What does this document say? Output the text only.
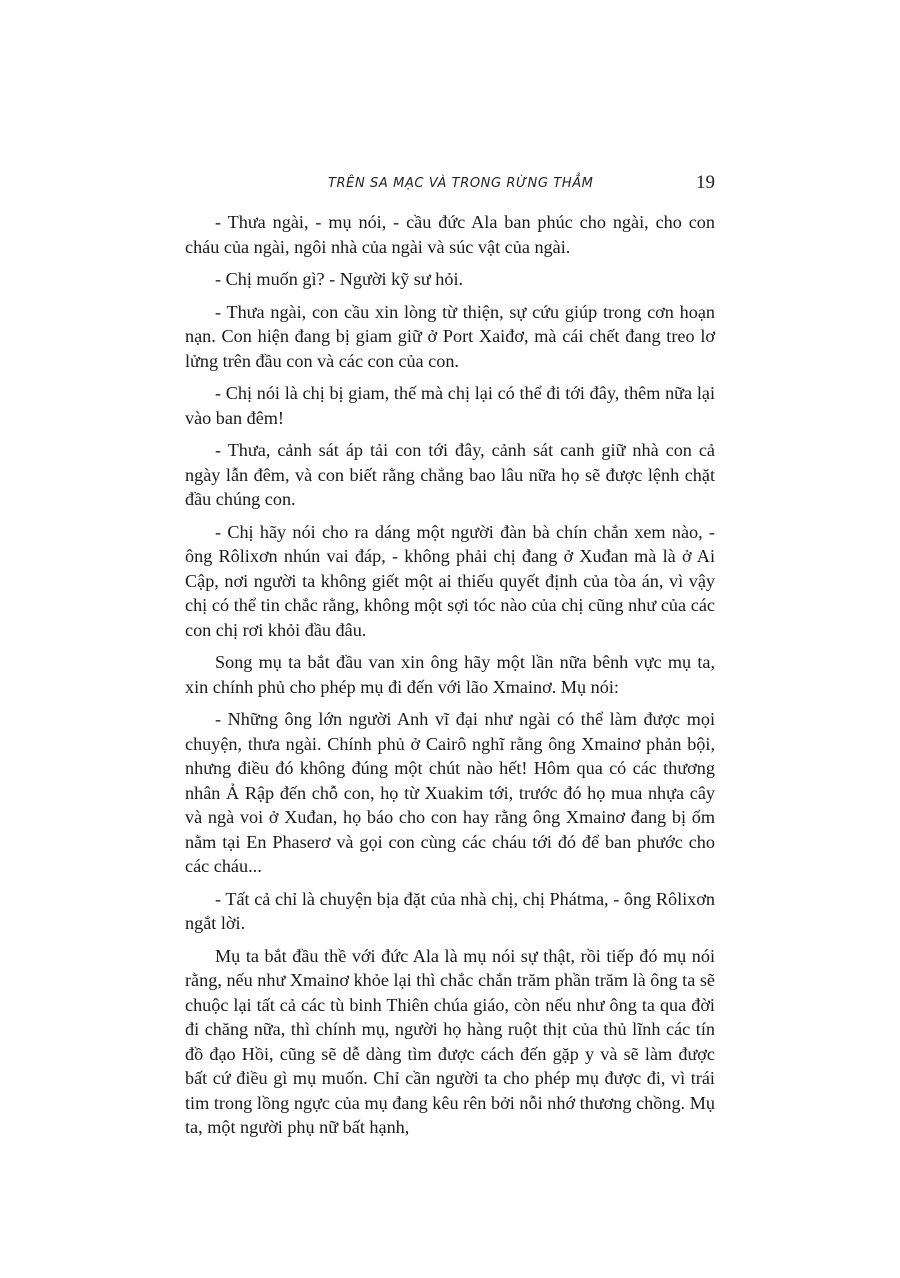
TRÊN SA MẠC VÀ TRONG RỪNG THẲM	19

- Thưa ngài, - mụ nói, - cầu đức Ala ban phúc cho ngài, cho con cháu của ngài, ngôi nhà của ngài và súc vật của ngài.

- Chị muốn gì? - Người kỹ sư hỏi.

- Thưa ngài, con cầu xin lòng từ thiện, sự cứu giúp trong cơn hoạn nạn. Con hiện đang bị giam giữ ở Port Xaiđơ, mà cái chết đang treo lơ lửng trên đầu con và các con của con.

- Chị nói là chị bị giam, thế mà chị lại có thể đi tới đây, thêm nữa lại vào ban đêm!

- Thưa, cảnh sát áp tải con tới đây, cảnh sát canh giữ nhà con cả ngày lẫn đêm, và con biết rằng chẳng bao lâu nữa họ sẽ được lệnh chặt đầu chúng con.

- Chị hãy nói cho ra dáng một người đàn bà chín chắn xem nào, - ông Rôlixơn nhún vai đáp, - không phải chị đang ở Xuđan mà là ở Ai Cập, nơi người ta không giết một ai thiếu quyết định của tòa án, vì vậy chị có thể tin chắc rằng, không một sợi tóc nào của chị cũng như của các con chị rơi khỏi đầu đâu.

Song mụ ta bắt đầu van xin ông hãy một lần nữa bênh vực mụ ta, xin chính phủ cho phép mụ đi đến với lão Xmainơ. Mụ nói:

- Những ông lớn người Anh vĩ đại như ngài có thể làm được mọi chuyện, thưa ngài. Chính phủ ở Cairô nghĩ rằng ông Xmainơ phản bội, nhưng điều đó không đúng một chút nào hết! Hôm qua có các thương nhân Ả Rập đến chỗ con, họ từ Xuakim tới, trước đó họ mua nhựa cây và ngà voi ở Xuđan, họ báo cho con hay rằng ông Xmainơ đang bị ốm nằm tại En Phaserơ và gọi con cùng các cháu tới đó để ban phước cho các cháu...

- Tất cả chỉ là chuyện bịa đặt của nhà chị, chị Phátma, - ông Rôlixơn ngắt lời.

Mụ ta bắt đầu thề với đức Ala là mụ nói sự thật, rồi tiếp đó mụ nói rằng, nếu như Xmainơ khỏe lại thì chắc chắn trăm phần trăm là ông ta sẽ chuộc lại tất cả các tù binh Thiên chúa giáo, còn nếu như ông ta qua đời đi chăng nữa, thì chính mụ, người họ hàng ruột thịt của thủ lĩnh các tín đồ đạo Hồi, cũng sẽ dễ dàng tìm được cách đến gặp y và sẽ làm được bất cứ điều gì mụ muốn. Chỉ cần người ta cho phép mụ được đi, vì trái tim trong lồng ngực của mụ đang kêu rên bởi nỗi nhớ thương chồng. Mụ ta, một người phụ nữ bất hạnh,
